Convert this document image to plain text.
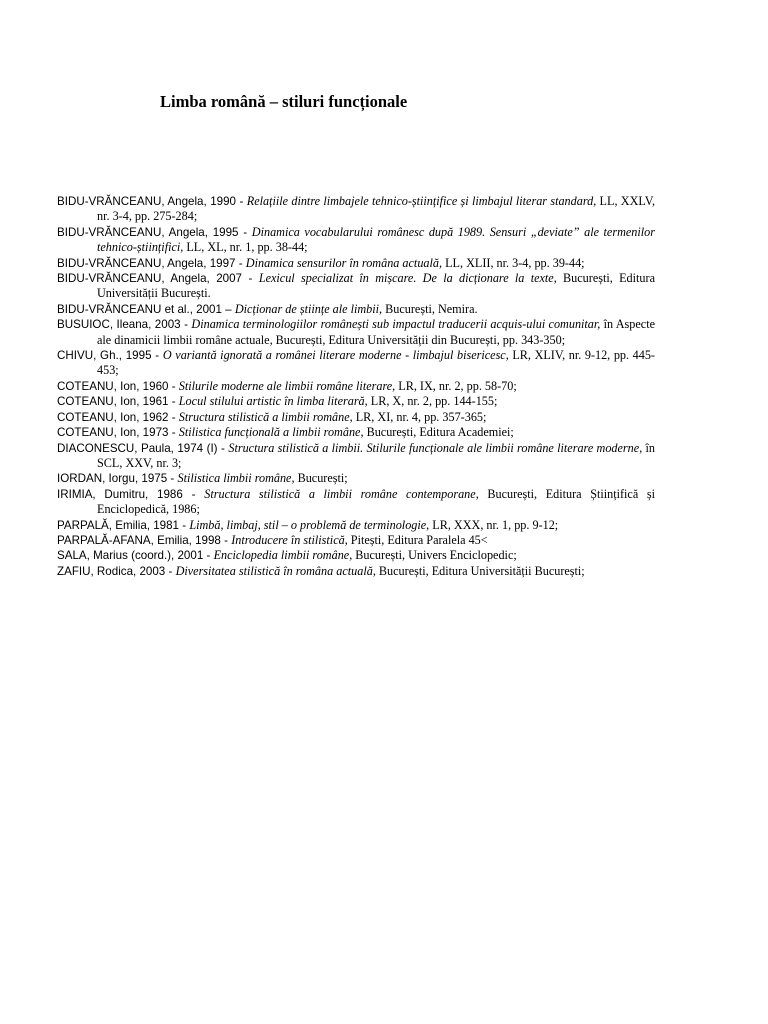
Limba română – stiluri funcționale

BIDU-VRĂNCEANU, Angela, 1990 - Relațiile dintre limbajele tehnico-științifice și limbajul literar standard, LL, XXLV, nr. 3-4, pp. 275-284;

BIDU-VRĂNCEANU, Angela, 1995 - Dinamica vocabularului românesc după 1989. Sensuri „deviate” ale termenilor tehnico-științifici, LL, XL, nr. 1, pp. 38-44;

BIDU-VRĂNCEANU, Angela, 1997 - Dinamica sensurilor în româna actuală, LL, XLII, nr. 3-4, pp. 39-44;

BIDU-VRĂNCEANU, Angela, 2007 - Lexicul specializat în mișcare. De la dicționare la texte, București, Editura Universității București.

BIDU-VRĂNCEANU et al., 2001 – Dicționar de științe ale limbii, București, Nemira.

BUSUIOC, Ileana, 2003 - Dinamica terminologiilor românești sub impactul traducerii acquis-ului comunitar, în Aspecte ale dinamicii limbii române actuale, București, Editura Universității din București, pp. 343-350;

CHIVU, Gh., 1995 - O variantă ignorată a românei literare moderne - limbajul bisericesc, LR, XLIV, nr. 9-12, pp. 445-453;

COTEANU, Ion, 1960 - Stilurile moderne ale limbii române literare, LR, IX, nr. 2, pp. 58-70;

COTEANU, Ion, 1961 - Locul stilului artistic în limba literară, LR, X, nr. 2, pp. 144-155;

COTEANU, Ion, 1962 - Structura stilistică a limbii române, LR, XI, nr. 4, pp. 357-365;

COTEANU, Ion, 1973 - Stilistica funcțională a limbii române, București, Editura Academiei;

DIACONESCU, Paula, 1974 (I) - Structura stilistică a limbii. Stilurile funcționale ale limbii române literare moderne, în SCL, XXV, nr. 3;

IORDAN, Iorgu, 1975 - Stilistica limbii române, București;

IRIMIA, Dumitru, 1986 - Structura stilistică a limbii române contemporane, București, Editura Științifică și Enciclopedică, 1986;

PARPALĂ, Emilia, 1981 - Limbă, limbaj, stil – o problemă de terminologie, LR, XXX, nr. 1, pp. 9-12;

PARPALĂ-AFANA, Emilia, 1998 - Introducere în stilistică, Pitești, Editura Paralela 45<

SALA, Marius (coord.), 2001 - Enciclopedia limbii române, București, Univers Enciclopedic;

ZAFIU, Rodica, 2003 - Diversitatea stilistică în româna actuală, București, Editura Universității București;
